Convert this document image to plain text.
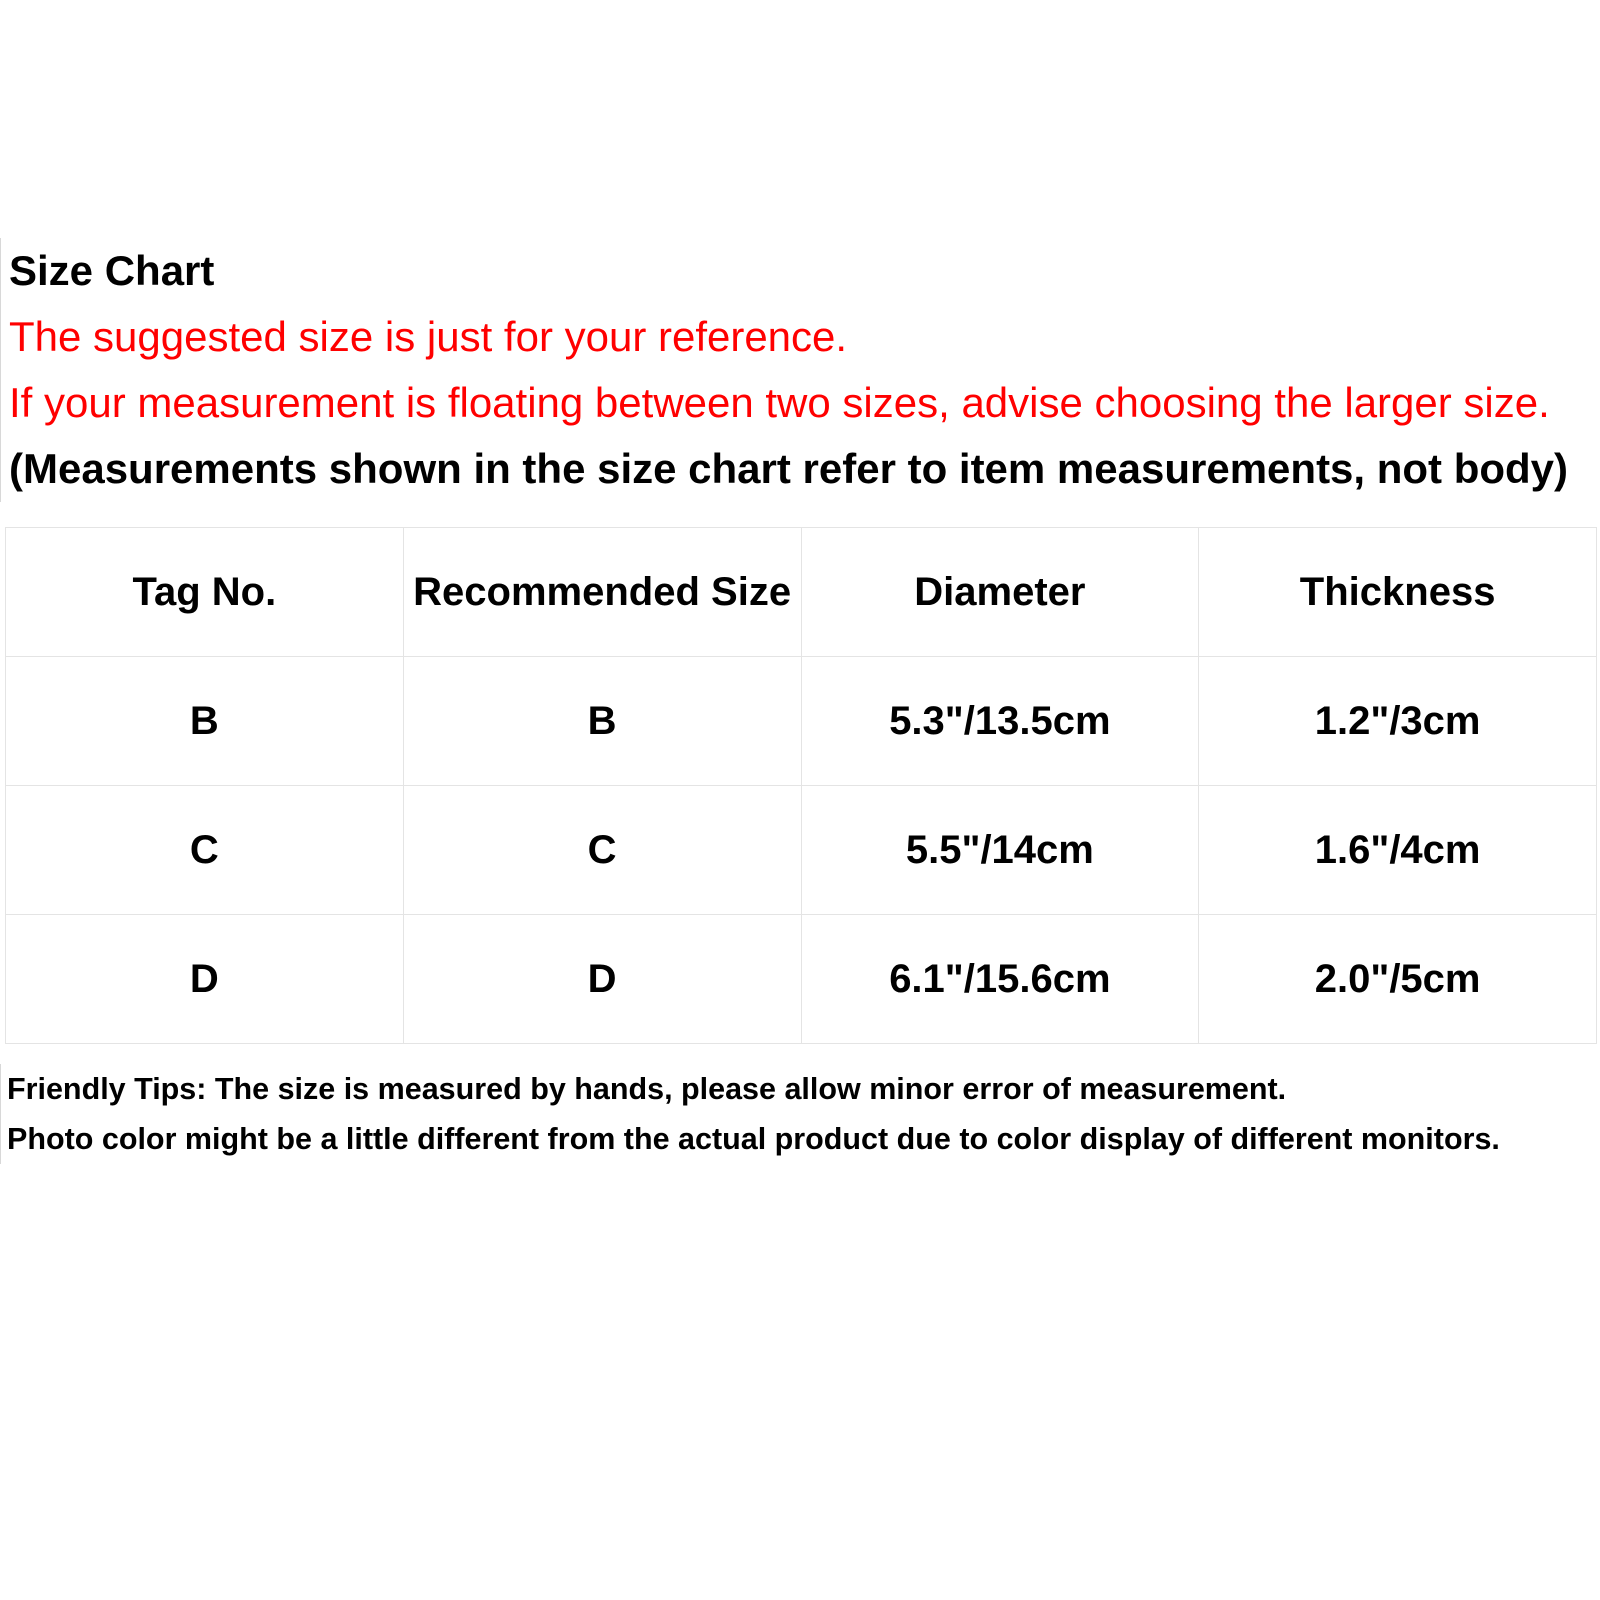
Size Chart
The suggested size is just for your reference.
If your measurement is floating between two sizes, advise choosing the larger size.
(Measurements shown in the size chart refer to item measurements, not body)
Tag No.	Recommended Size	Diameter	Thickness
B	B	5.3"/13.5cm	1.2"/3cm
C	C	5.5"/14cm	1.6"/4cm
D	D	6.1"/15.6cm	2.0"/5cm
Friendly Tips: The size is measured by hands, please allow minor error of measurement.
Photo color might be a little different from the actual product due to color display of different monitors.
